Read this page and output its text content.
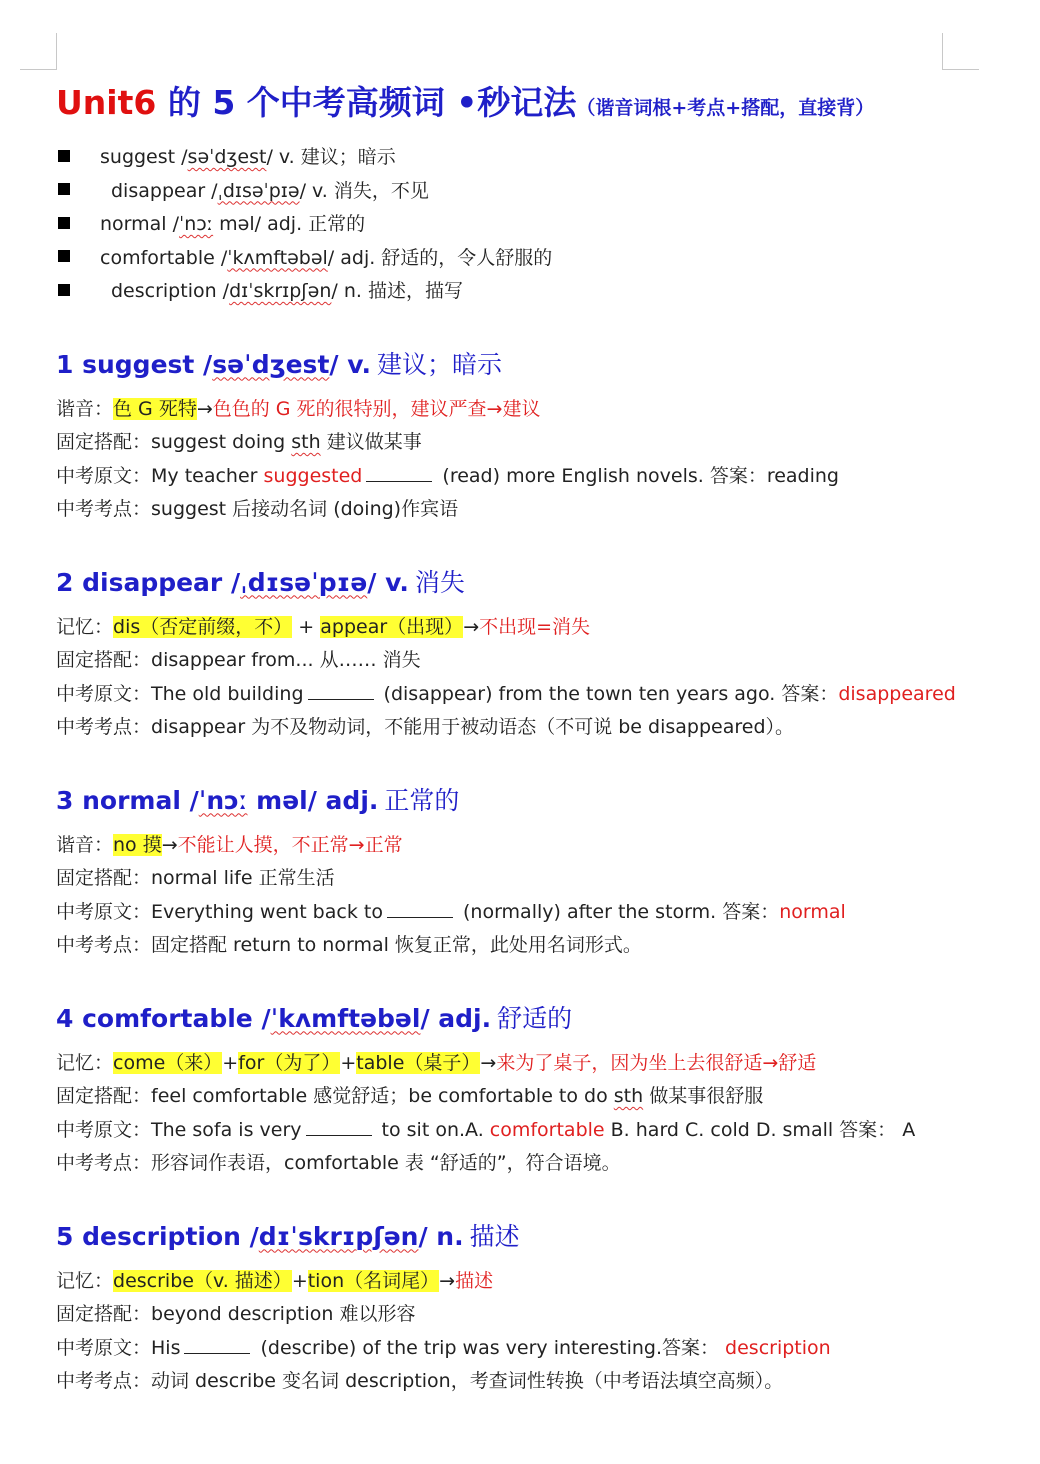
Unit6 的 5 个中考高频词 •秒记法（谐音词根+考点+搭配，直接背）
suggest /səˈdʒest/ v. 建议；暗示
disappear /ˌdɪsəˈpɪə/ v. 消失，不见
normal /ˈnɔː məl/ adj. 正常的
comfortable /ˈkʌmftəbəl/ adj. 舒适的，令人舒服的
description /dɪˈskrɪpʃən/ n. 描述，描写
1 suggest /səˈdʒest/ v. 建议；暗示
谐音：色 G 死特→色色的 G 死的很特别，建议严查→建议
固定搭配：suggest doing sth 建议做某事
中考原文：My teacher suggested	(read) more English novels. 答案：reading
中考考点：suggest 后接动名词 (doing)作宾语
2 disappear /ˌdɪsəˈpɪə/ v. 消失
记忆：dis（否定前缀，不） + appear（出现）→不出现=消失
固定搭配：disappear from... 从…… 消失
中考原文：The old building	(disappear) from the town ten years ago. 答案：disappeared
中考考点：disappear 为不及物动词，不能用于被动语态（不可说 be disappeared）。
3 normal /ˈnɔː məl/ adj. 正常的
谐音：no 摸→不能让人摸，不正常→正常
固定搭配：normal life 正常生活
中考原文：Everything went back to	(normally) after the storm. 答案：normal
中考考点：固定搭配 return to normal 恢复正常，此处用名词形式。
4 comfortable /ˈkʌmftəbəl/ adj. 舒适的
记忆：come（来）+for（为了）+table（桌子）→来为了桌子，因为坐上去很舒适→舒适
固定搭配：feel comfortable 感觉舒适；be comfortable to do sth 做某事很舒服
中考原文：The sofa is very	to sit on.A. comfortable B. hard C. cold D. small 答案： A
中考考点：形容词作表语，comfortable 表 “舒适的”，符合语境。
5 description /dɪˈskrɪpʃən/ n. 描述
记忆：describe（v. 描述）+tion（名词尾）→描述
固定搭配：beyond description 难以形容
中考原文：His	(describe) of the trip was very interesting.答案： description
中考考点：动词 describe 变名词 description，考查词性转换（中考语法填空高频）。
